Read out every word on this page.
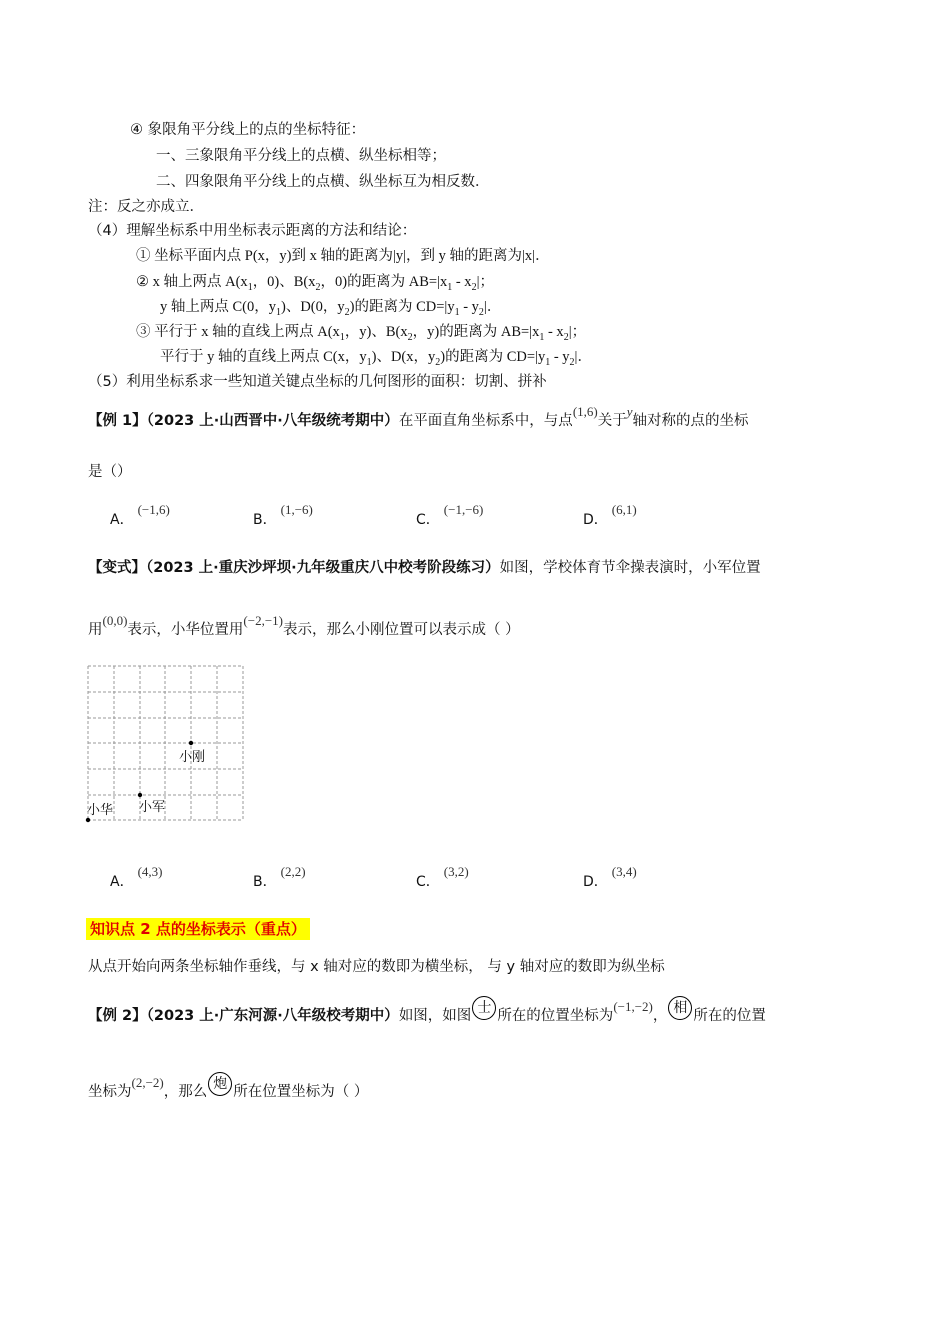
④ 象限角平分线上的点的坐标特征：
一、三象限角平分线上的点横、纵坐标相等；
二、四象限角平分线上的点横、纵坐标互为相反数．
注：反之亦成立．
（4）理解坐标系中用坐标表示距离的方法和结论：
① 坐标平面内点 P(x，y)到 x 轴的距离为|y|，到 y 轴的距离为|x|．
② x 轴上两点 $A(x_1$，0)、$B(x_2$，0)的距离为 $AB=|x_1 - x_2|$；
y 轴上两点 C(0，$y_1$)、D(0，$y_2$)的距离为 $CD=|y_1 - y_2|$．
③ 平行于 x 轴的直线上两点 $A(x_1$，y)、$B(x_2$，y)的距离为 $AB=|x_1 - x_2|$；
平行于 y 轴的直线上两点 C(x，$y_1$)、D(x，$y_2$)的距离为 $CD=|y_1 - y_2|$．
（5）利用坐标系求一些知道关键点坐标的几何图形的面积：切割、拼补
【例 1】（2023 上·山西晋中·八年级统考期中）在平面直角坐标系中，与点(1,6)关于y轴对称的点的坐标
是（）
A．(−1,6)
B．(1,−6)
C．(−1,−6)
D．(6,1)
【变式】（2023 上·重庆沙坪坝·九年级重庆八中校考阶段练习）如图，学校体育节伞操表演时，小军位置
用(0,0)表示，小华位置用(−2,−1)表示，那么小刚位置可以表示成（ ）
小刚
小华 小军
A．(4,3)
B．(2,2)
C．(3,2)
D．(3,4)
知识点 2 点的坐标表示（重点）
从点开始向两条坐标轴作垂线，与 x 轴对应的数即为横坐标， 与 y 轴对应的数即为纵坐标
【例 2】（2023 上·广东河源·八年级校考期中）如图，如图 士 所在的位置坐标为(−1,−2)， 相 所在的位置
坐标为(2,−2)，那么 炮 所在位置坐标为（ ）
